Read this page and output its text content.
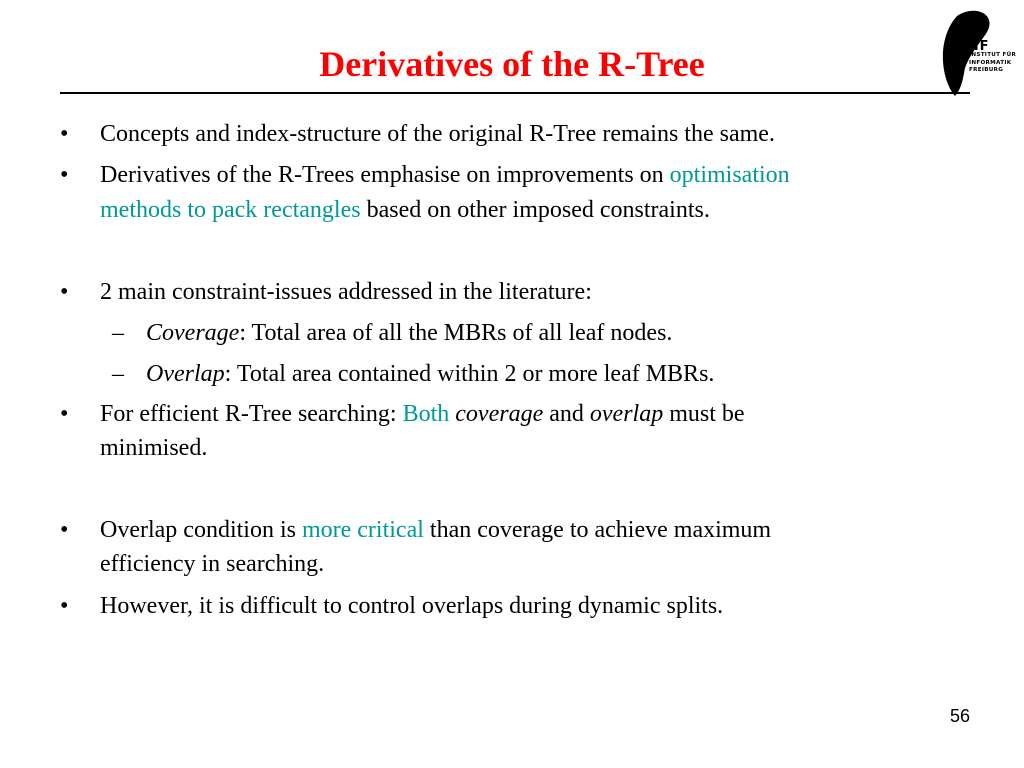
Derivatives of the R-Tree	IIF
INSTITUT FÜR
INFORMATIK
FREIBURG
• Concepts and index-structure of the original R-Tree remains the same.
• Derivatives of the R-Trees emphasise on improvements on optimisation
methods to pack rectangles based on other imposed constraints.
• 2 main constraint-issues addressed in the literature:
– Coverage: Total area of all the MBRs of all leaf nodes.
– Overlap: Total area contained within 2 or more leaf MBRs.
• For efficient R-Tree searching: Both coverage and overlap must be
minimised.
• Overlap condition is more critical than coverage to achieve maximum
efficiency in searching.
• However, it is difficult to control overlaps during dynamic splits.
56
